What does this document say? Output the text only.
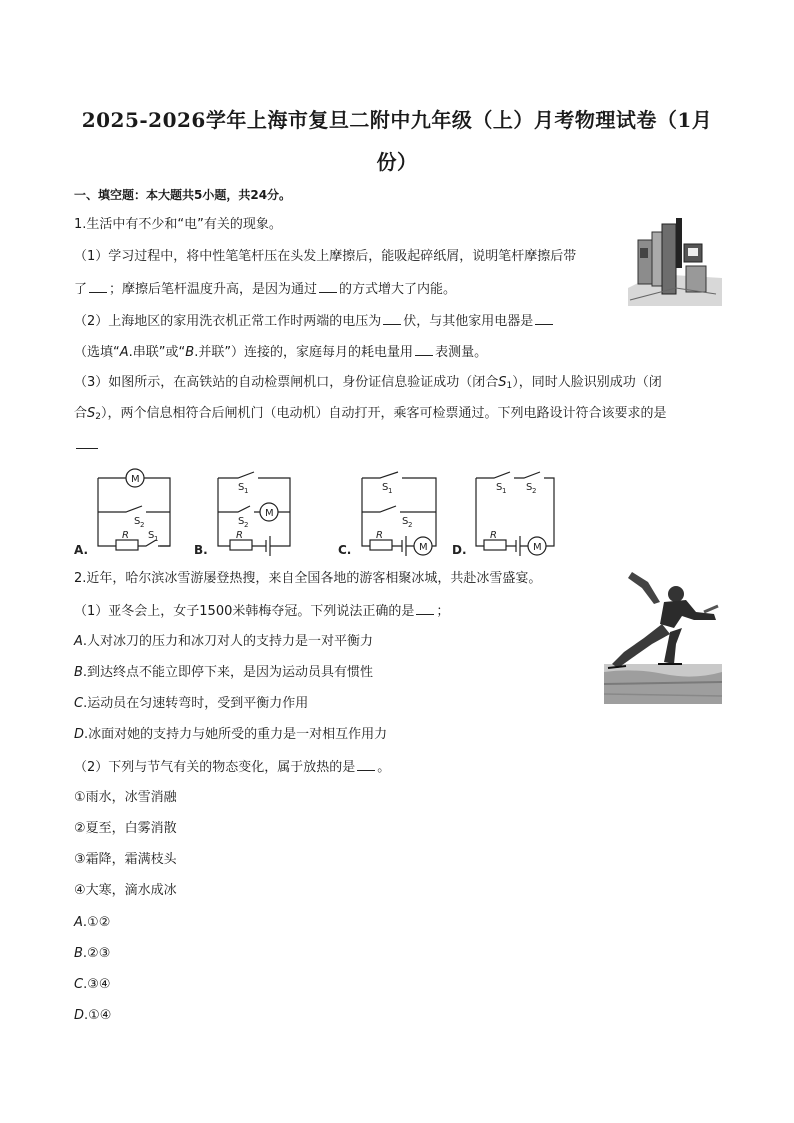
2025-2026学年上海市复旦二附中九年级（上）月考物理试卷（1月
份）
一、填空题：本大题共5小题，共24分。
1.生活中有不少和“电”有关的现象。
（1）学习过程中，将中性笔笔杆压在头发上摩擦后，能吸起碎纸屑，说明笔杆摩擦后带
了 ；摩擦后笔杆温度升高，是因为通过 的方式增大了内能。
（2）上海地区的家用洗衣机正常工作时两端的电压为 伏，与其他家用电器是
（选填“A.串联”或“B.并联”）连接的，家庭每月的耗电量用 表测量。
（3）如图所示，在高铁站的自动检票闸机口，身份证信息验证成功（闭合$S_1$），同时人脸识别成功（闭
合$S_2$），两个信息相符合后闸机门（电动机）自动打开，乘客可检票通过。下列电路设计符合该要求的是
M
M
M	M
R	R	R	R
S 2
S 1
S 1
S 2
S 1
S 2
S 1 S 2
A.	B.	C.	D.
2.近年，哈尔滨冰雪游屡登热搜，来自全国各地的游客相聚冰城，共赴冰雪盛宴。
（1）亚冬会上，女子1500米韩梅夺冠。下列说法正确的是 ；
A.人对冰刀的压力和冰刀对人的支持力是一对平衡力
B.到达终点不能立即停下来，是因为运动员具有惯性
C.运动员在匀速转弯时，受到平衡力作用
D.冰面对她的支持力与她所受的重力是一对相互作用力
（2）下列与节气有关的物态变化，属于放热的是 。
①雨水，冰雪消融
②夏至，白雾消散
③霜降，霜满枝头
④大寒，滴水成冰
A.①②
B.②③
C.③④
D.①④
